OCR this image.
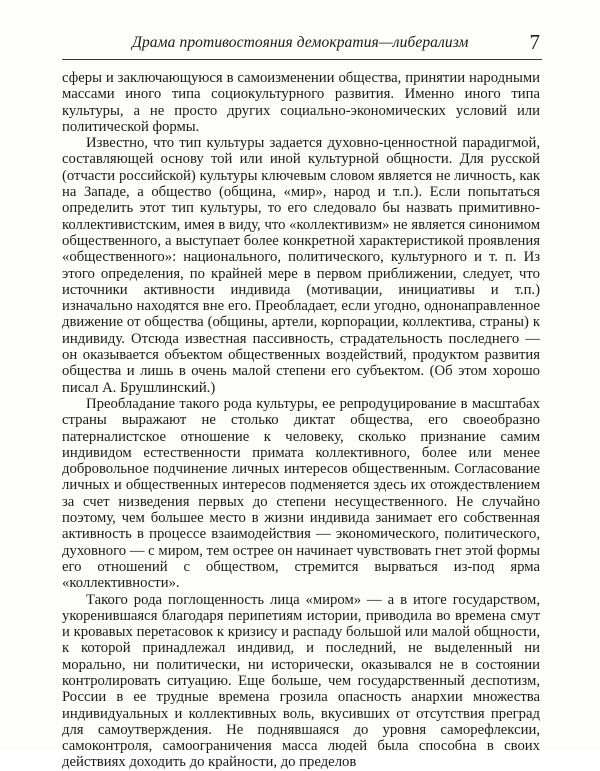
Драма противостояния демократия—либерализм	7

сферы и заключающуюся в самоизменении общества, принятии народными массами иного типа социокультурного развития. Именно иного типа культуры, а не просто других социально-экономических условий или политической формы.

Известно, что тип культуры задается духовно-ценностной парадигмой, составляющей основу той или иной культурной общности. Для русской (отчасти российской) культуры ключевым словом является не личность, как на Западе, а общество (община, «мир», народ и т.п.). Если попытаться определить этот тип культуры, то его следовало бы назвать примитивно-коллективистским, имея в виду, что «коллективизм» не является синонимом общественного, а выступает более конкретной характеристикой проявления «общественного»: национального, политического, культурного и т. п. Из этого определения, по крайней мере в первом приближении, следует, что источники активности индивида (мотивации, инициативы и т.п.) изначально находятся вне его. Преобладает, если угодно, однонаправленное движение от общества (общины, артели, корпорации, коллектива, страны) к индивиду. Отсюда известная пассивность, страдательность последнего — он оказывается объектом общественных воздействий, продуктом развития общества и лишь в очень малой степени его субъектом. (Об этом хорошо писал А. Брушлинский.)

Преобладание такого рода культуры, ее репродуцирование в масштабах страны выражают не столько диктат общества, его своеобразно патерналистское отношение к человеку, сколько признание самим индивидом естественности примата коллективного, более или менее добровольное подчинение личных интересов общественным. Согласование личных и общественных интересов подменяется здесь их отождествлением за счет низведения первых до степени несущественного. Не случайно поэтому, чем большее место в жизни индивида занимает его собственная активность в процессе взаимодействия — экономического, политического, духовного — с миром, тем острее он начинает чувствовать гнет этой формы его отношений с обществом, стремится вырваться из-под ярма «коллективности».

Такого рода поглощенность лица «миром» — а в итоге государством, укоренившаяся благодаря перипетиям истории, приводила во времена смут и кровавых перетасовок к кризису и распаду большой или малой общности, к которой принадлежал индивид, и последний, не выделенный ни морально, ни политически, ни исторически, оказывался не в состоянии контролировать ситуацию. Еще больше, чем государственный деспотизм, России в ее трудные времена грозила опасность анархии множества индивидуальных и коллективных воль, вкусивших от отсутствия преград для самоутверждения. Не поднявшаяся до уровня саморефлексии, самоконтроля, самоограничения масса людей была способна в своих действиях доходить до крайности, до пределов
